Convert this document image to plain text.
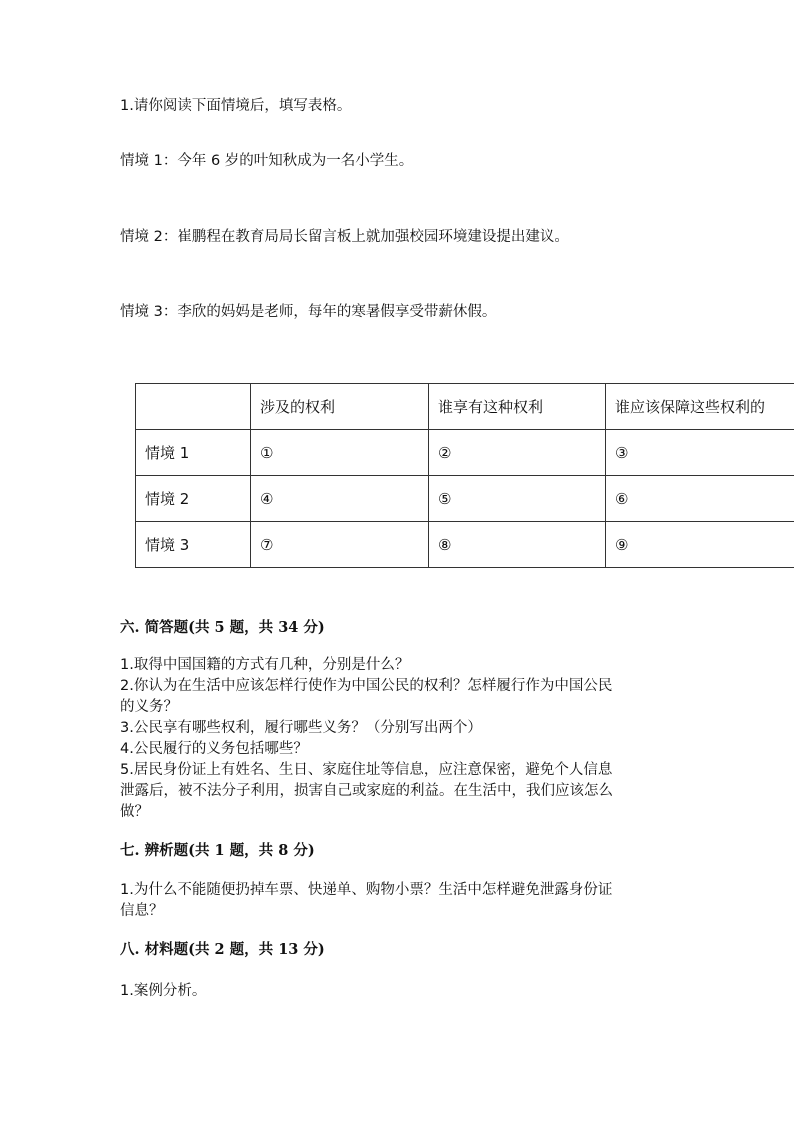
1.请你阅读下面情境后，填写表格。
情境 1：今年 6 岁的叶知秋成为一名小学生。
情境 2：崔鹏程在教育局局长留言板上就加强校园环境建设提出建议。
情境 3：李欣的妈妈是老师，每年的寒暑假享受带薪休假。
	涉及的权利	谁享有这种权利	谁应该保障这些权利的
情境 1	①	②	③
情境 2	④	⑤	⑥
情境 3	⑦	⑧	⑨
六. 简答题(共 5 题，共 34 分)
1.取得中国国籍的方式有几种，分别是什么？
2.你认为在生活中应该怎样行使作为中国公民的权利？怎样履行作为中国公民
的义务？
3.公民享有哪些权利，履行哪些义务？（分别写出两个）
4.公民履行的义务包括哪些？
5.居民身份证上有姓名、生日、家庭住址等信息，应注意保密，避免个人信息
泄露后，被不法分子利用，损害自己或家庭的利益。在生活中，我们应该怎么
做？
七. 辨析题(共 1 题，共 8 分)
1.为什么不能随便扔掉车票、快递单、购物小票？生活中怎样避免泄露身份证
信息？
八. 材料题(共 2 题，共 13 分)
1.案例分析。
